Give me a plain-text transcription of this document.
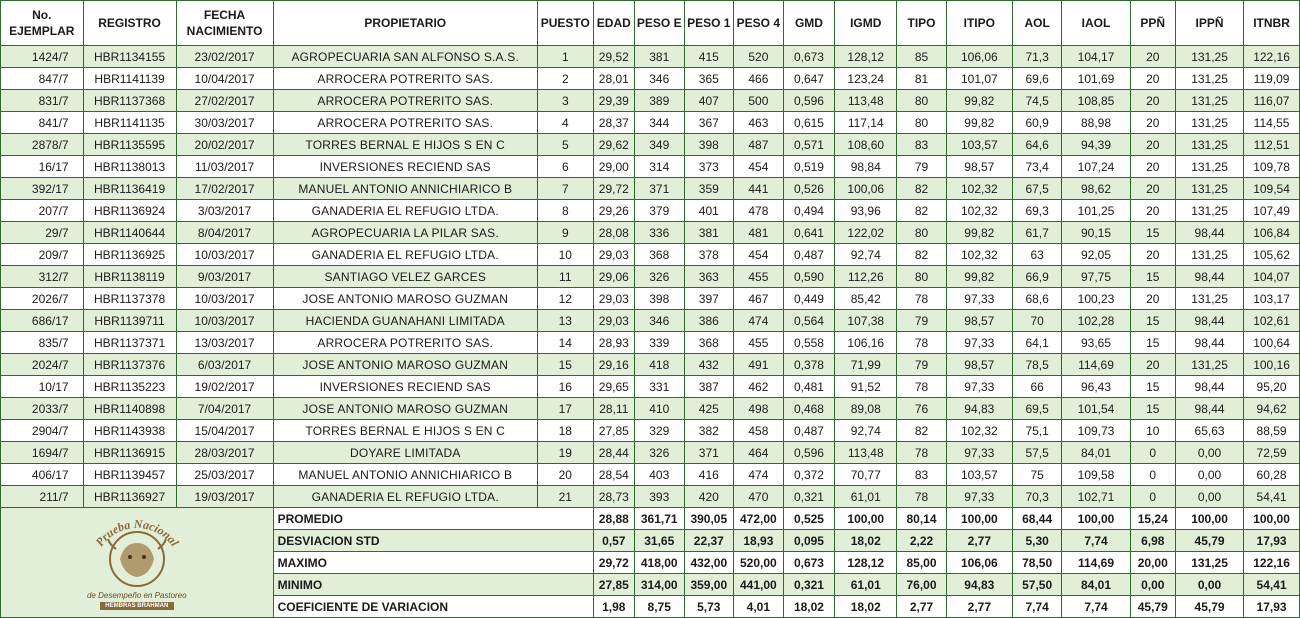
No. EJEMPLAR	REGISTRO	FECHA NACIMIENTO	PROPIETARIO	PUESTO	EDAD	PESO E	PESO 1	PESO 4	GMD	IGMD	TIPO	ITIPO	AOL	IAOL	PPÑ	IPPÑ	ITNBR
1424/7	HBR1134155	23/02/2017	AGROPECUARIA SAN ALFONSO S.A.S.	1	29,52	381	415	520	0,673	128,12	85	106,06	71,3	104,17	20	131,25	122,16
847/7	HBR1141139	10/04/2017	ARROCERA POTRERITO SAS.	2	28,01	346	365	466	0,647	123,24	81	101,07	69,6	101,69	20	131,25	119,09
831/7	HBR1137368	27/02/2017	ARROCERA POTRERITO SAS.	3	29,39	389	407	500	0,596	113,48	80	99,82	74,5	108,85	20	131,25	116,07
841/7	HBR1141135	30/03/2017	ARROCERA POTRERITO SAS.	4	28,37	344	367	463	0,615	117,14	80	99,82	60,9	88,98	20	131,25	114,55
2878/7	HBR1135595	20/02/2017	TORRES BERNAL E HIJOS S EN C	5	29,62	349	398	487	0,571	108,60	83	103,57	64,6	94,39	20	131,25	112,51
16/17	HBR1138013	11/03/2017	INVERSIONES RECIEND SAS	6	29,00	314	373	454	0,519	98,84	79	98,57	73,4	107,24	20	131,25	109,78
392/17	HBR1136419	17/02/2017	MANUEL ANTONIO ANNICHIARICO B	7	29,72	371	359	441	0,526	100,06	82	102,32	67,5	98,62	20	131,25	109,54
207/7	HBR1136924	3/03/2017	GANADERIA EL REFUGIO LTDA.	8	29,26	379	401	478	0,494	93,96	82	102,32	69,3	101,25	20	131,25	107,49
29/7	HBR1140644	8/04/2017	AGROPECUARIA LA PILAR SAS.	9	28,08	336	381	481	0,641	122,02	80	99,82	61,7	90,15	15	98,44	106,84
209/7	HBR1136925	10/03/2017	GANADERIA EL REFUGIO LTDA.	10	29,03	368	378	454	0,487	92,74	82	102,32	63	92,05	20	131,25	105,62
312/7	HBR1138119	9/03/2017	SANTIAGO VELEZ GARCES	11	29,06	326	363	455	0,590	112,26	80	99,82	66,9	97,75	15	98,44	104,07
2026/7	HBR1137378	10/03/2017	JOSE ANTONIO MAROSO GUZMAN	12	29,03	398	397	467	0,449	85,42	78	97,33	68,6	100,23	20	131,25	103,17
686/17	HBR1139711	10/03/2017	HACIENDA GUANAHANI LIMITADA	13	29,03	346	386	474	0,564	107,38	79	98,57	70	102,28	15	98,44	102,61
835/7	HBR1137371	13/03/2017	ARROCERA POTRERITO SAS.	14	28,93	339	368	455	0,558	106,16	78	97,33	64,1	93,65	15	98,44	100,64
2024/7	HBR1137376	6/03/2017	JOSE ANTONIO MAROSO GUZMAN	15	29,16	418	432	491	0,378	71,99	79	98,57	78,5	114,69	20	131,25	100,16
10/17	HBR1135223	19/02/2017	INVERSIONES RECIEND SAS	16	29,65	331	387	462	0,481	91,52	78	97,33	66	96,43	15	98,44	95,20
2033/7	HBR1140898	7/04/2017	JOSE ANTONIO MAROSO GUZMAN	17	28,11	410	425	498	0,468	89,08	76	94,83	69,5	101,54	15	98,44	94,62
2904/7	HBR1143938	15/04/2017	TORRES BERNAL E HIJOS S EN C	18	27,85	329	382	458	0,487	92,74	82	102,32	75,1	109,73	10	65,63	88,59
1694/7	HBR1136915	28/03/2017	DOYARE LIMITADA	19	28,44	326	371	464	0,596	113,48	78	97,33	57,5	84,01	0	0,00	72,59
406/17	HBR1139457	25/03/2017	MANUEL ANTONIO ANNICHIARICO B	20	28,54	403	416	474	0,372	70,77	83	103,57	75	109,58	0	0,00	60,28
211/7	HBR1136927	19/03/2017	GANADERIA EL REFUGIO LTDA.	21	28,73	393	420	470	0,321	61,01	78	97,33	70,3	102,71	0	0,00	54,41

Prueba Nacional
de Desempeño en Pastoreo
HEMBRAS BRAHMAN			PROMEDIO		28,88	361,71	390,05	472,00	0,525	100,00	80,14	100,00	68,44	100,00	15,24	100,00	100,00
			DESVIACION STD		0,57	31,65	22,37	18,93	0,095	18,02	2,22	2,77	5,30	7,74	6,98	45,79	17,93
			MAXIMO		29,72	418,00	432,00	520,00	0,673	128,12	85,00	106,06	78,50	114,69	20,00	131,25	122,16
			MINIMO		27,85	314,00	359,00	441,00	0,321	61,01	76,00	94,83	57,50	84,01	0,00	0,00	54,41
			COEFICIENTE DE VARIACION		1,98	8,75	5,73	4,01	18,02	18,02	2,77	2,77	7,74	7,74	45,79	45,79	17,93
